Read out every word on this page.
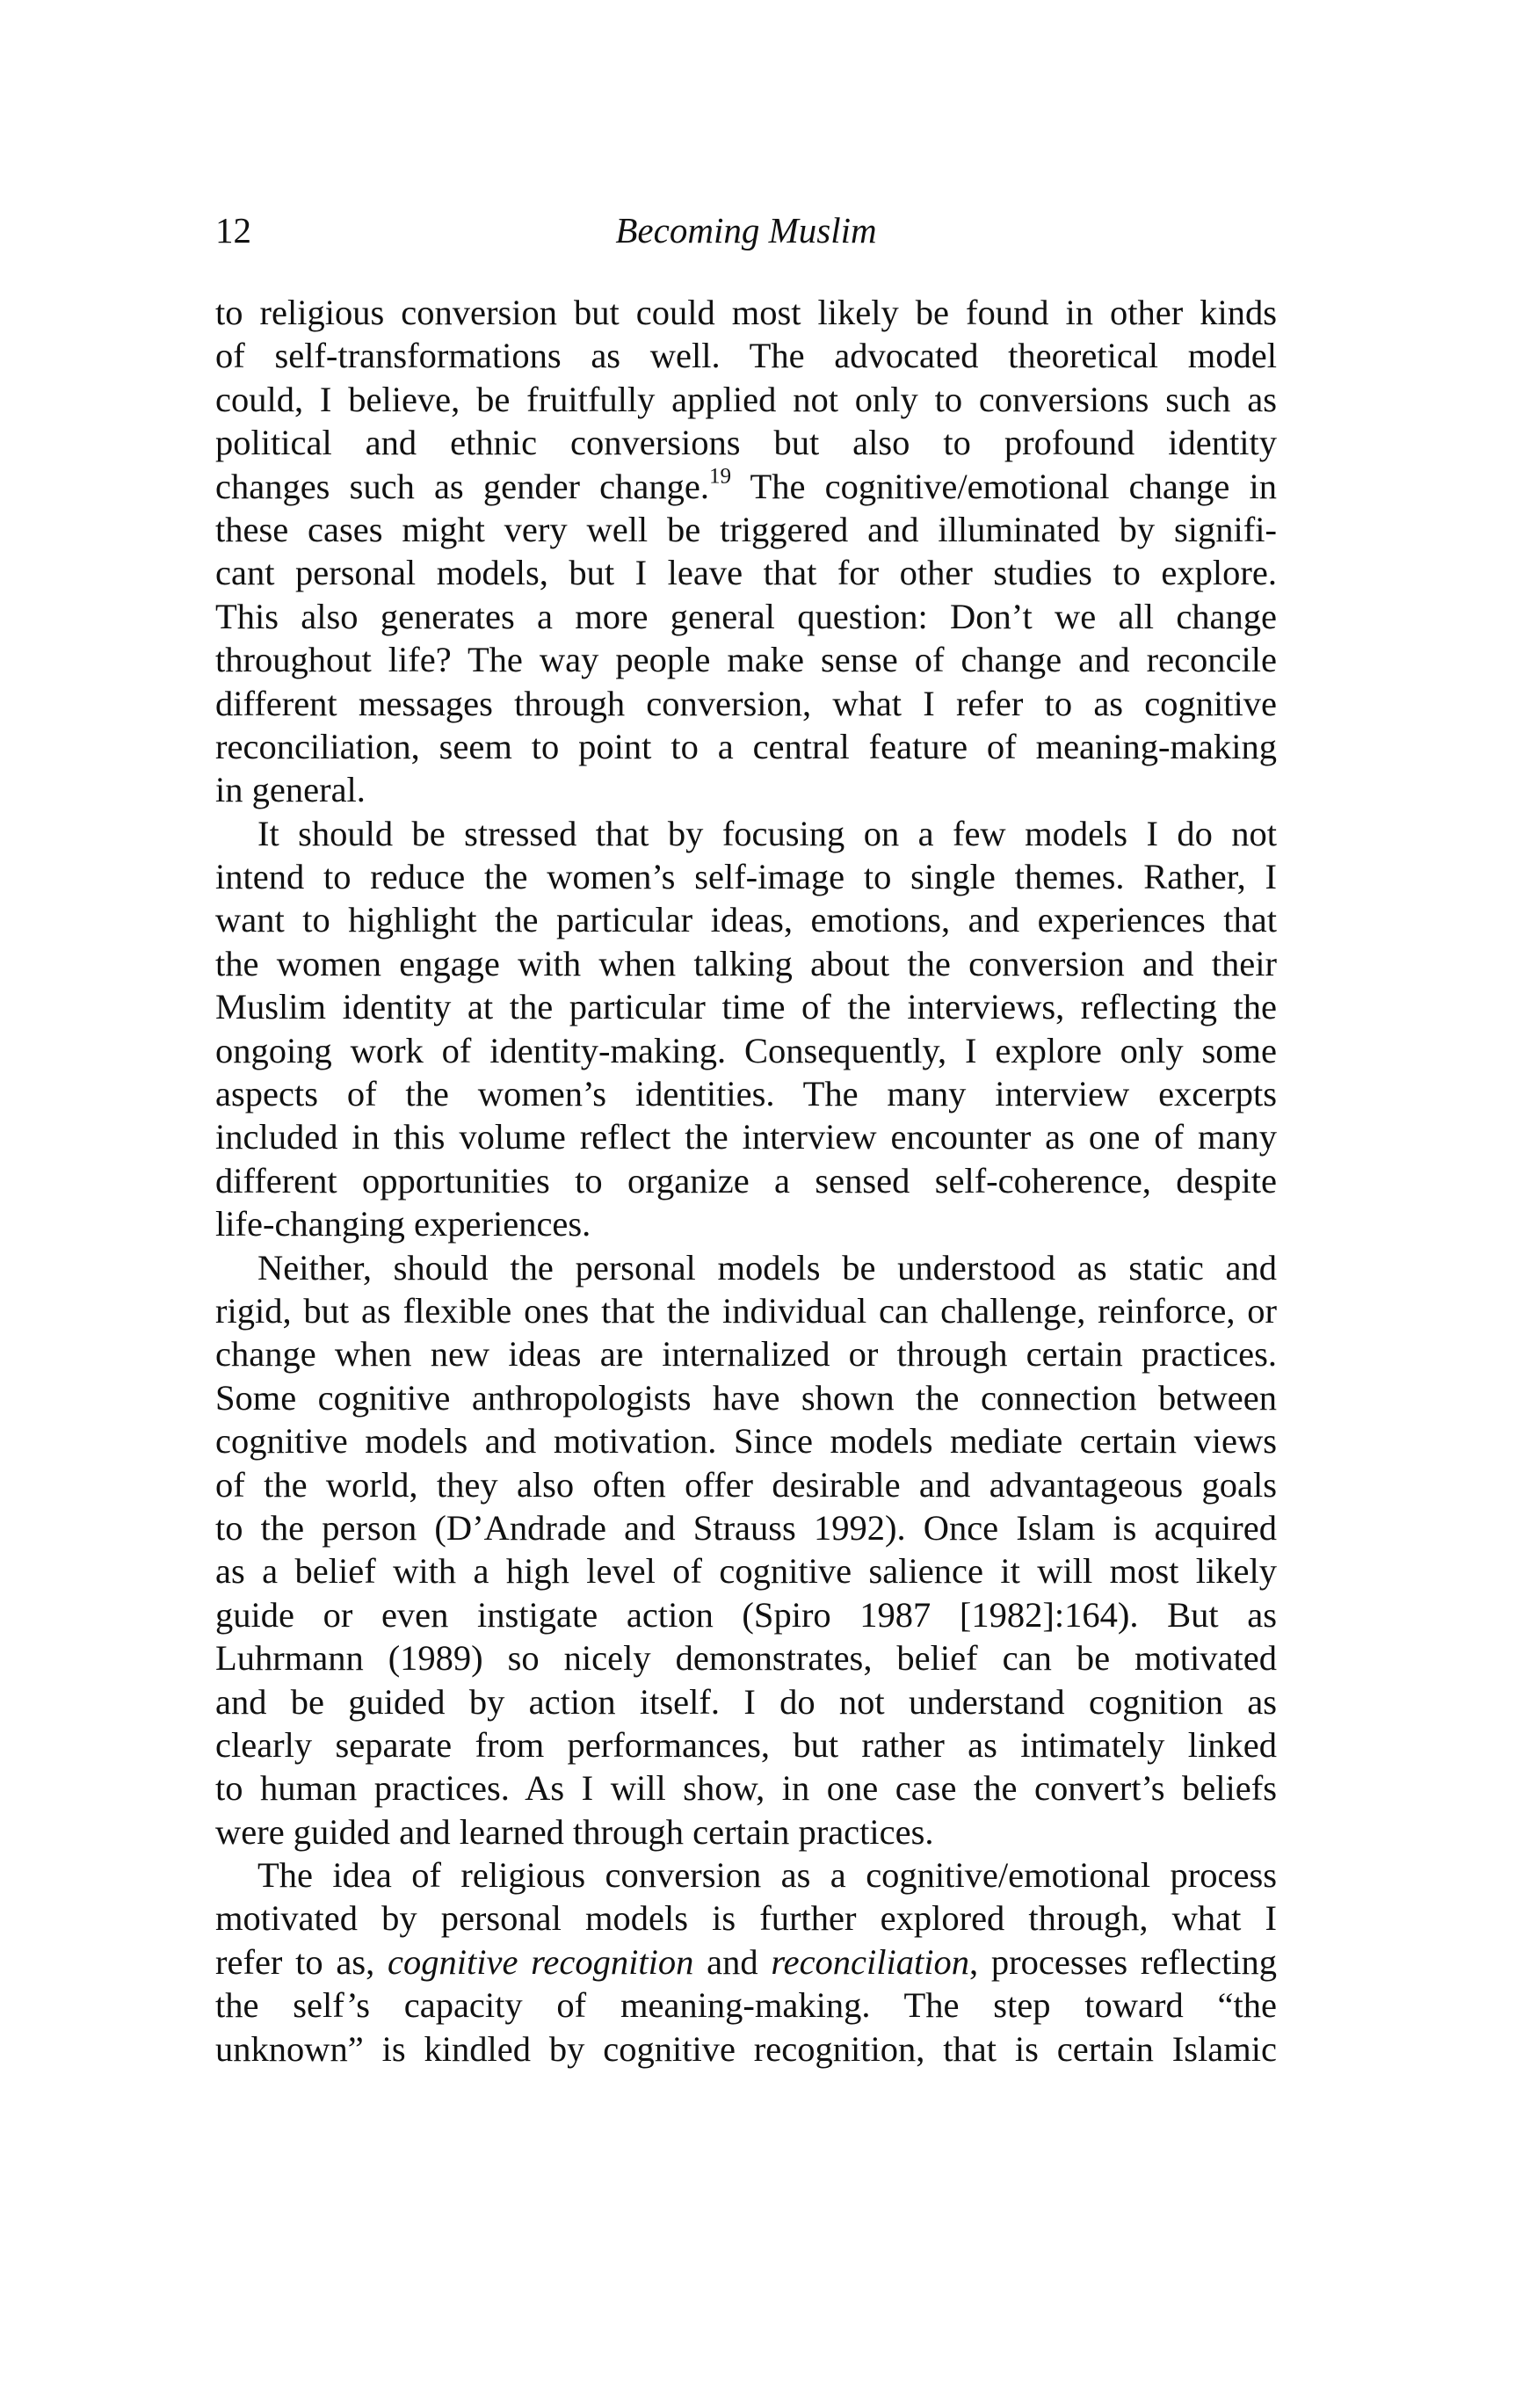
12	Becoming Muslim
to religious conversion but could most likely be found in other kinds
of self-transformations as well. The advocated theoretical model
could, I believe, be fruitfully applied not only to conversions such as
political and ethnic conversions but also to profound identity
changes such as gender change.$^{19}$ The cognitive/emotional change in
these cases might very well be triggered and illuminated by signifi-
cant personal models, but I leave that for other studies to explore.
This also generates a more general question: Don’t we all change
throughout life? The way people make sense of change and reconcile
different messages through conversion, what I refer to as cognitive
reconciliation, seem to point to a central feature of meaning-making
in general.
It should be stressed that by focusing on a few models I do not
intend to reduce the women’s self-image to single themes. Rather, I
want to highlight the particular ideas, emotions, and experiences that
the women engage with when talking about the conversion and their
Muslim identity at the particular time of the interviews, reflecting the
ongoing work of identity-making. Consequently, I explore only some
aspects of the women’s identities. The many interview excerpts
included in this volume reflect the interview encounter as one of many
different opportunities to organize a sensed self-coherence, despite
life-changing experiences.
Neither, should the personal models be understood as static and
rigid, but as flexible ones that the individual can challenge, reinforce, or
change when new ideas are internalized or through certain practices.
Some cognitive anthropologists have shown the connection between
cognitive models and motivation. Since models mediate certain views
of the world, they also often offer desirable and advantageous goals
to the person (D’Andrade and Strauss 1992). Once Islam is acquired
as a belief with a high level of cognitive salience it will most likely
guide or even instigate action (Spiro 1987 [1982]:164). But as
Luhrmann (1989) so nicely demonstrates, belief can be motivated
and be guided by action itself. I do not understand cognition as
clearly separate from performances, but rather as intimately linked
to human practices. As I will show, in one case the convert’s beliefs
were guided and learned through certain practices.
The idea of religious conversion as a cognitive/emotional process
motivated by personal models is further explored through, what I
refer to as, cognitive recognition and reconciliation, processes reflecting
the self’s capacity of meaning-making. The step toward “the
unknown” is kindled by cognitive recognition, that is certain Islamic
